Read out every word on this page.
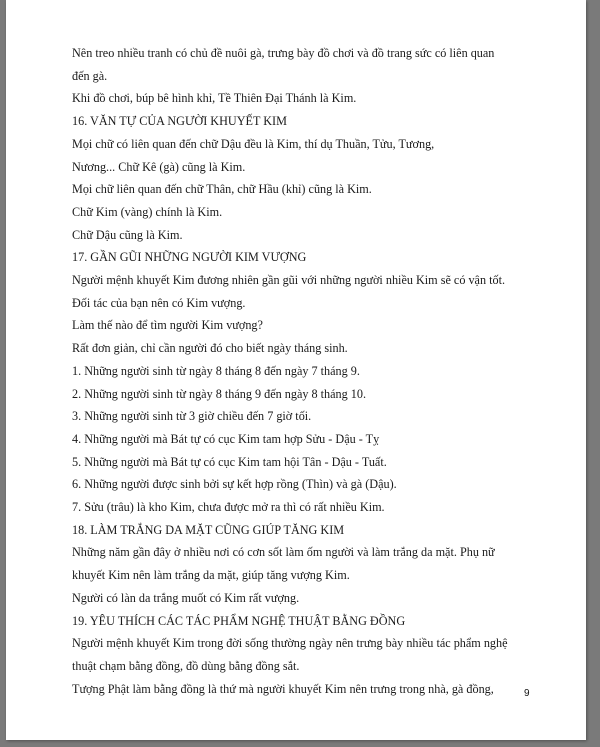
Nên treo nhiều tranh có chủ đề nuôi gà, trưng bày đồ chơi và đồ trang sức có liên quan
đến gà.
Khi đồ chơi, búp bê hình khỉ, Tề Thiên Đại Thánh là Kim.
16. VĂN TỰ CỦA NGƯỜI KHUYẾT KIM
Mọi chữ có liên quan đến chữ Dậu đều là Kim, thí dụ Thuần, Tửu, Tương,
Nương... Chữ Kê (gà) cũng là Kim.
Mọi chữ liên quan đến chữ Thân, chữ Hầu (khỉ) cũng là Kim.
Chữ Kim (vàng) chính là Kim.
Chữ Dậu cũng là Kim.
17. GẦN GŨI NHỮNG NGƯỜI KIM VƯỢNG
Người mệnh khuyết Kim đương nhiên gần gũi với những người nhiều Kim sẽ có vận tốt.
Đối tác của bạn nên có Kim vượng.
Làm thế nào để tìm người Kim vượng?
Rất đơn giản, chỉ cần người đó cho biết ngày tháng sinh.
1. Những người sinh từ ngày 8 tháng 8 đến ngày 7 tháng 9.
2. Những người sinh từ ngày 8 tháng 9 đến ngày 8 tháng 10.
3. Những người sinh từ 3 giờ chiều đến 7 giờ tối.
4. Những người mà Bát tự có cục Kim tam hợp Sửu - Dậu - Tỵ
5. Những người mà Bát tự có cục Kim tam hội Tân - Dậu - Tuất.
6. Những người được sinh bởi sự kết hợp rồng (Thìn) và gà (Dậu).
7. Sửu (trâu) là kho Kim, chưa được mở ra thì có rất nhiều Kim.
18. LÀM TRẮNG DA MẶT CŨNG GIÚP TĂNG KIM
Những năm gần đây ở nhiều nơi có cơn sốt làm ốm người và làm trắng da mặt. Phụ nữ
khuyết Kim nên làm trắng da mặt, giúp tăng vượng Kim.
Người có làn da trắng muốt có Kim rất vượng.
19. YÊU THÍCH CÁC TÁC PHẨM NGHỆ THUẬT BẰNG ĐỒNG
Người mệnh khuyết Kim trong đời sống thường ngày nên trưng bày nhiều tác phẩm nghệ
thuật chạm bằng đồng, đồ dùng bằng đồng sắt.
Tượng Phật làm bằng đồng là thứ mà người khuyết Kim nên trưng trong nhà, gà đồng,	9
